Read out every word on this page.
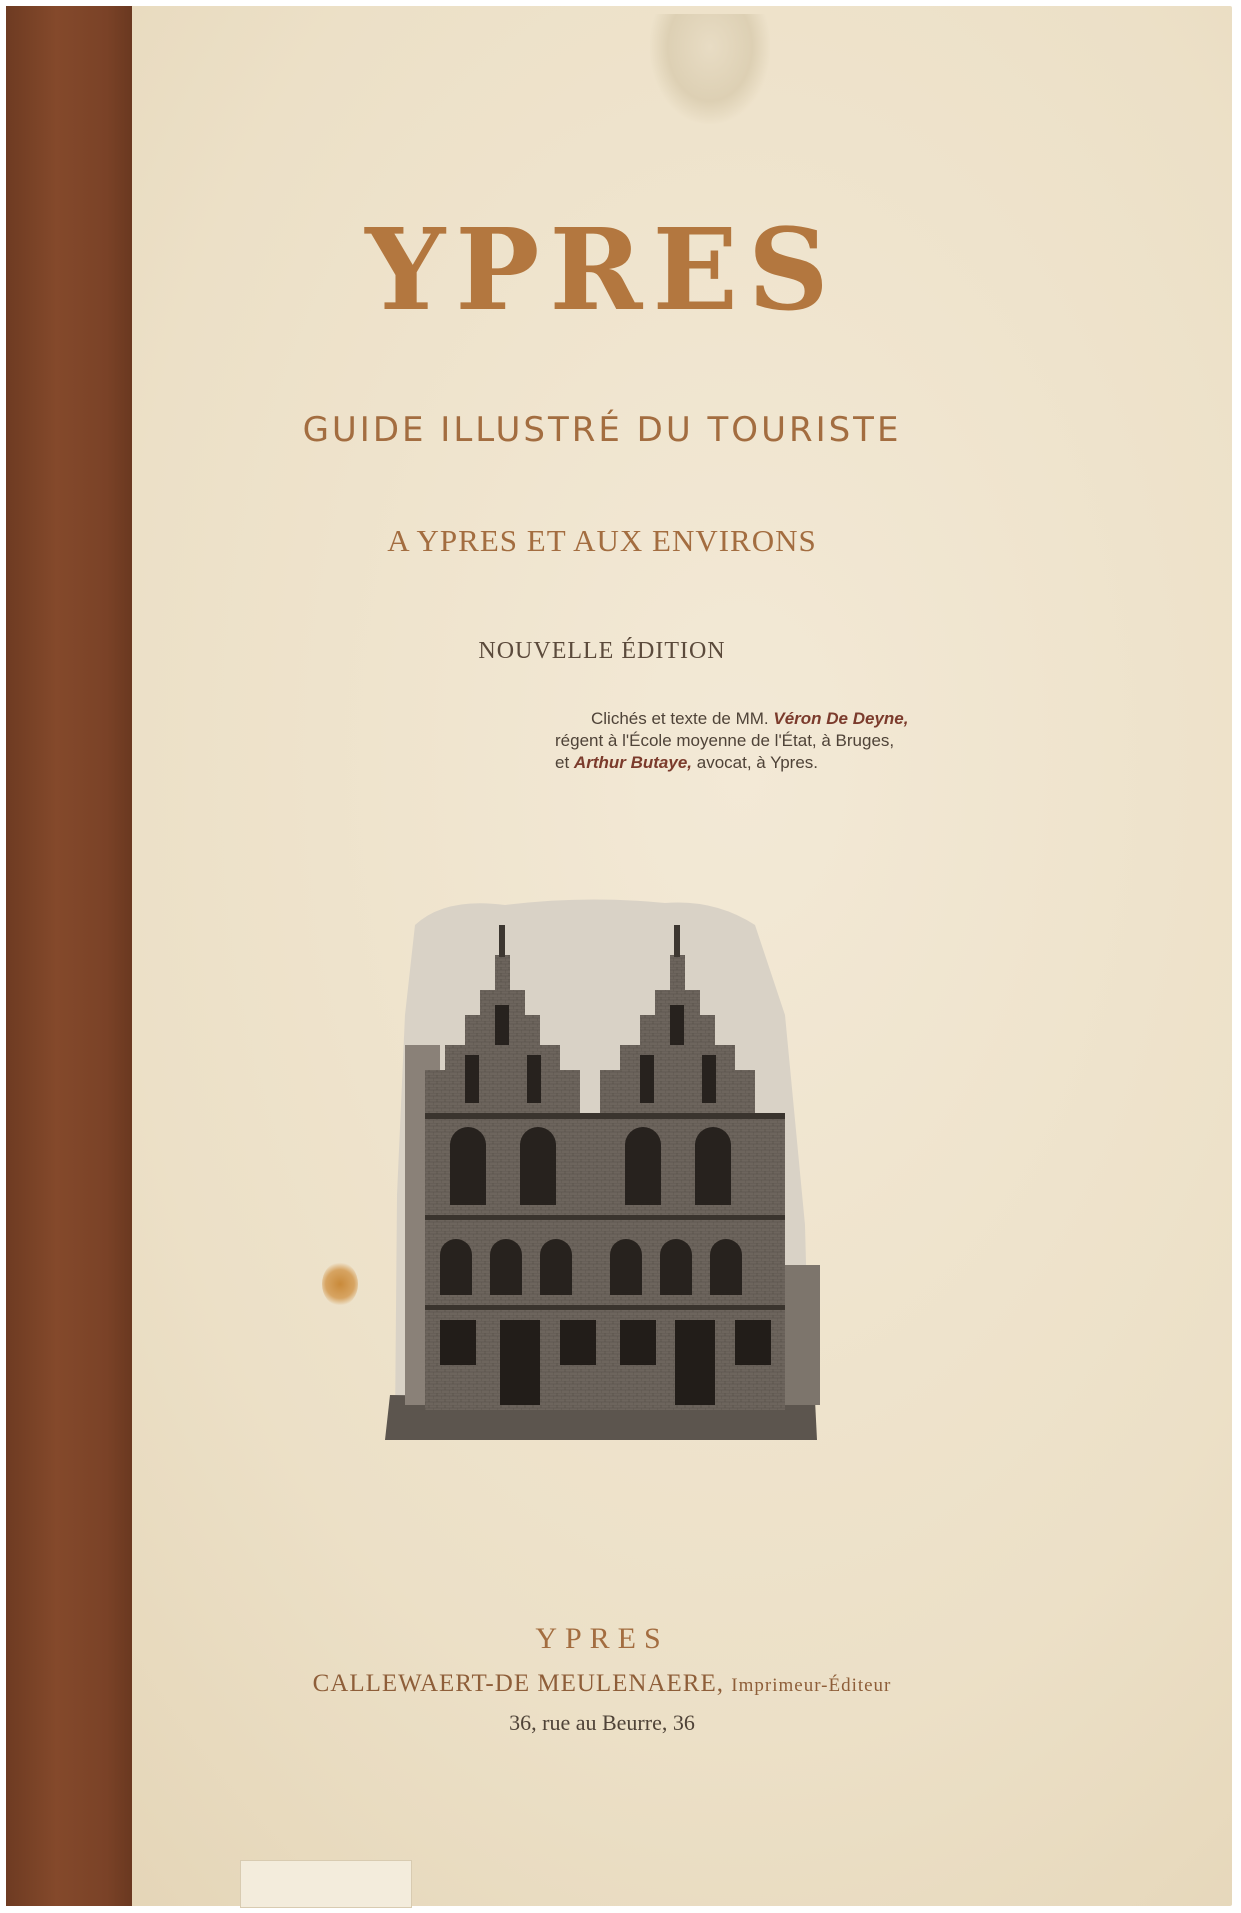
YPRES
GUIDE ILLUSTRÉ DU TOURISTE
A YPRES ET AUX ENVIRONS
NOUVELLE ÉDITION
Clichés et texte de MM. Véron De Deyne,
régent à l'École moyenne de l'État, à Bruges,
et Arthur Butaye, avocat, à Ypres.
YPRES
CALLEWAERT-DE MEULENAERE, Imprimeur-Éditeur
36, rue au Beurre, 36
